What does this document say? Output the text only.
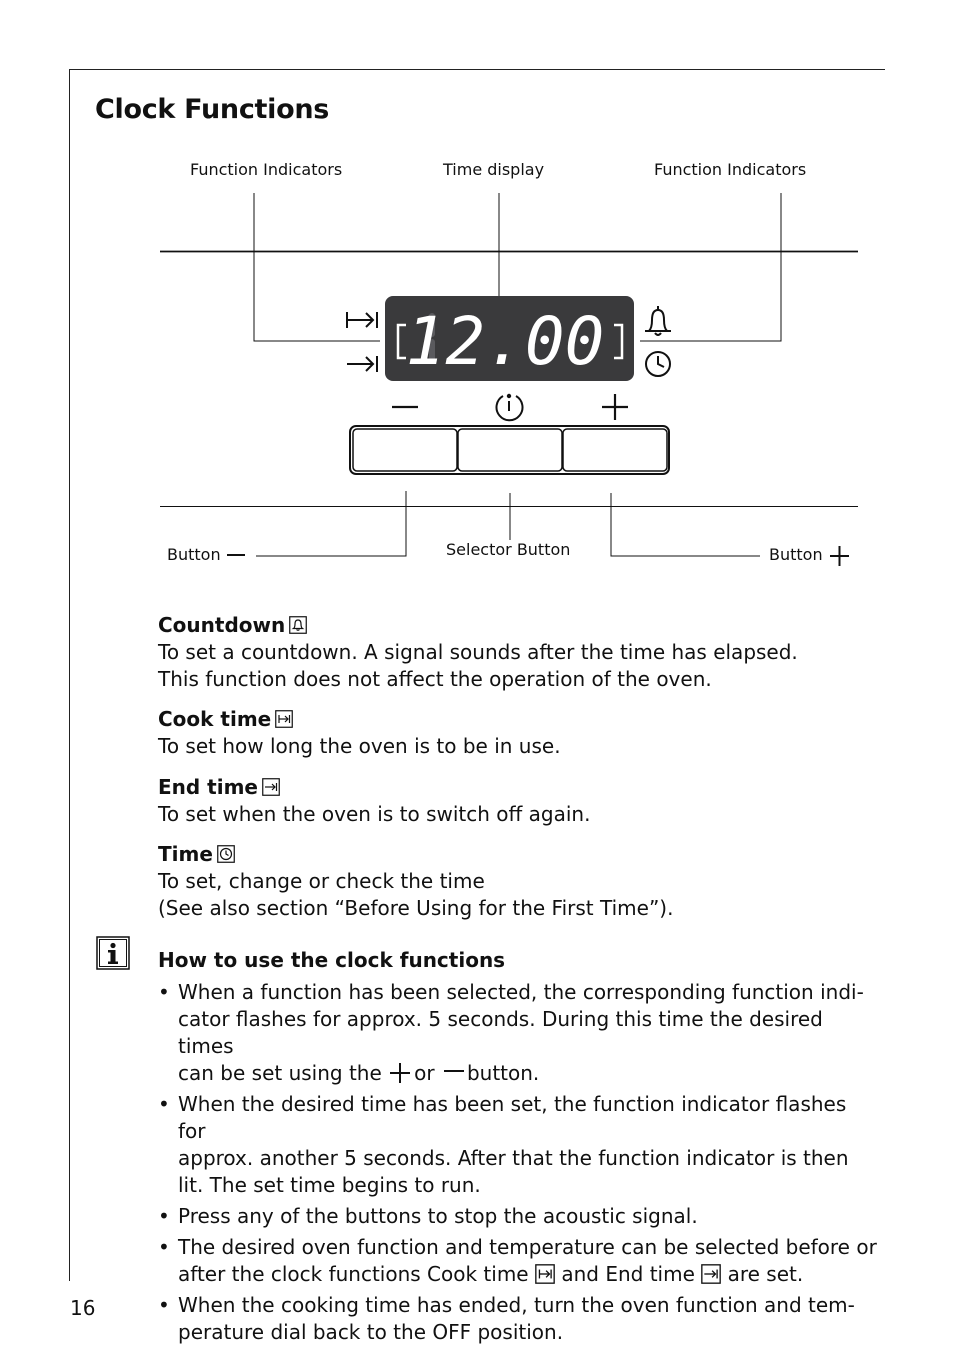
Clock Functions
12.00
Function Indicators	Time display	Function Indicators
Button	Selector Button	Button
Countdown
To set a countdown. A signal sounds after the time has elapsed.
This function does not affect the operation of the oven.
Cook time
To set how long the oven is to be in use.
End time
To set when the oven is to switch off again.
Time
To set, change or check the time
(See also section “Before Using for the First Time”).
How to use the clock functions
• When a function has been selected, the corresponding function indi-
cator flashes for approx. 5 seconds. During this time the desired times
can be set using the or button.
• When the desired time has been set, the function indicator flashes for
approx. another 5 seconds. After that the function indicator is then
lit. The set time begins to run.
• Press any of the buttons to stop the acoustic signal.
• The desired oven function and temperature can be selected before or
after the clock functions Cook time and End time are set.
• When the cooking time has ended, turn the oven function and tem-
perature dial back to the OFF position.
16
